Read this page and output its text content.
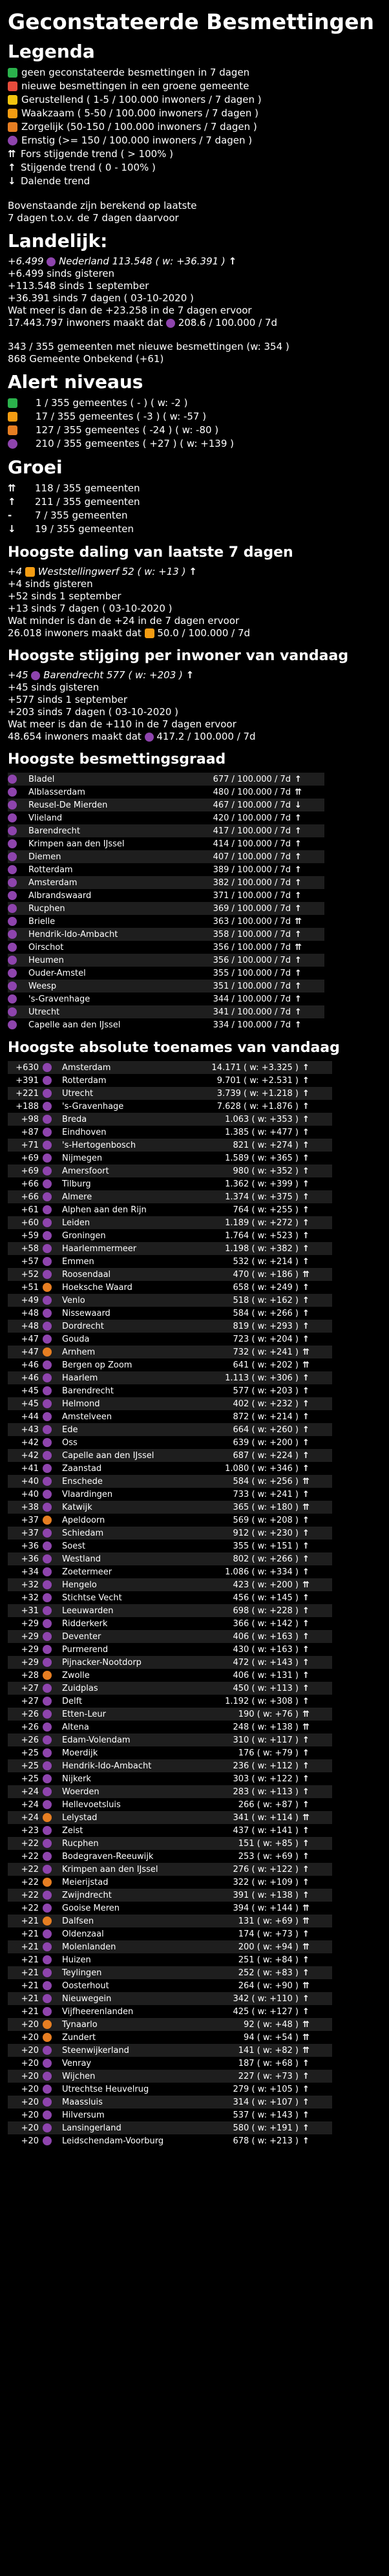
Geconstateerde Besmettingen
Legenda
geen geconstateerde besmettingen in 7 dagen
nieuwe besmettingen in een groene gemeente
Gerustellend ( 1-5 / 100.000 inwoners / 7 dagen )
Waakzaam ( 5-50 / 100.000 inwoners / 7 dagen )
Zorgelijk (50-150 / 100.000 inwoners / 7 dagen )
Ernstig (>= 150 / 100.000 inwoners / 7 dagen )
⇈ Fors stijgende trend ( > 100% )
↑ Stijgende trend ( 0 - 100% )
↓ Dalende trend
Bovenstaande zijn berekend op laatste
7 dagen t.o.v. de 7 dagen daarvoor
Landelijk:
+6.499 Nederland 113.548 ( w: +36.391 ) ↑
+6.499 sinds gisteren
+113.548 sinds 1 september
+36.391 sinds 7 dagen ( 03-10-2020 )
Wat meer is dan de +23.258 in de 7 dagen ervoor
17.443.797 inwoners maakt dat 208.6 / 100.000 / 7d
343 / 355 gemeenten met nieuwe besmettingen (w: 354 )
868 Gemeente Onbekend (+61)
Alert niveaus
1 / 355 gemeentes ( - ) ( w: -2 )
17 / 355 gemeentes ( -3 ) ( w: -57 )
127 / 355 gemeentes ( -24 ) ( w: -80 )
210 / 355 gemeentes ( +27 ) ( w: +139 )
Groei
⇈	118 / 355 gemeenten
↑	211 / 355 gemeenten
-	7 / 355 gemeenten
↓	19 / 355 gemeenten
Hoogste daling van laatste 7 dagen
+4 Weststellingwerf 52 ( w: +13 ) ↑
+4 sinds gisteren
+52 sinds 1 september
+13 sinds 7 dagen ( 03-10-2020 )
Wat minder is dan de +24 in de 7 dagen ervoor
26.018 inwoners maakt dat 50.0 / 100.000 / 7d
Hoogste stijging per inwoner van vandaag
+45 Barendrecht 577 ( w: +203 ) ↑
+45 sinds gisteren
+577 sinds 1 september
+203 sinds 7 dagen ( 03-10-2020 )
Wat meer is dan de +110 in de 7 dagen ervoor
48.654 inwoners maakt dat 417.2 / 100.000 / 7d
Hoogste besmettingsgraad
	Bladel	677 / 100.000 / 7d	↑
	Alblasserdam	480 / 100.000 / 7d	⇈
	Reusel-De Mierden	467 / 100.000 / 7d	↓
	Vlieland	420 / 100.000 / 7d	↑
	Barendrecht	417 / 100.000 / 7d	↑
	Krimpen aan den IJssel	414 / 100.000 / 7d	↑
	Diemen	407 / 100.000 / 7d	↑
	Rotterdam	389 / 100.000 / 7d	↑
	Amsterdam	382 / 100.000 / 7d	↑
	Albrandswaard	371 / 100.000 / 7d	↑
	Rucphen	369 / 100.000 / 7d	↑
	Brielle	363 / 100.000 / 7d	⇈
	Hendrik-Ido-Ambacht	358 / 100.000 / 7d	↑
	Oirschot	356 / 100.000 / 7d	⇈
	Heumen	356 / 100.000 / 7d	↑
	Ouder-Amstel	355 / 100.000 / 7d	↑
	Weesp	351 / 100.000 / 7d	↑
	's-Gravenhage	344 / 100.000 / 7d	↑
	Utrecht	341 / 100.000 / 7d	↑
	Capelle aan den IJssel	334 / 100.000 / 7d	↑
Hoogste absolute toenames van vandaag
+630		Amsterdam	14.171 ( w: +3.325 )	↑
+391		Rotterdam	9.701 ( w: +2.531 )	↑
+221		Utrecht	3.739 ( w: +1.218 )	↑
+188		's-Gravenhage	7.628 ( w: +1.876 )	↑
+98		Breda	1.063 ( w: +353 )	↑
+87		Eindhoven	1.385 ( w: +477 )	↑
+71		's-Hertogenbosch	821 ( w: +274 )	↑
+69		Nijmegen	1.589 ( w: +365 )	↑
+69		Amersfoort	980 ( w: +352 )	↑
+66		Tilburg	1.362 ( w: +399 )	↑
+66		Almere	1.374 ( w: +375 )	↑
+61		Alphen aan den Rijn	764 ( w: +255 )	↑
+60		Leiden	1.189 ( w: +272 )	↑
+59		Groningen	1.764 ( w: +523 )	↑
+58		Haarlemmermeer	1.198 ( w: +382 )	↑
+57		Emmen	532 ( w: +214 )	↑
+52		Roosendaal	470 ( w: +186 )	⇈
+51		Hoeksche Waard	658 ( w: +249 )	↑
+49		Venlo	518 ( w: +162 )	↑
+48		Nissewaard	584 ( w: +266 )	↑
+48		Dordrecht	819 ( w: +293 )	↑
+47		Gouda	723 ( w: +204 )	↑
+47		Arnhem	732 ( w: +241 )	⇈
+46		Bergen op Zoom	641 ( w: +202 )	⇈
+46		Haarlem	1.113 ( w: +306 )	↑
+45		Barendrecht	577 ( w: +203 )	↑
+45		Helmond	402 ( w: +232 )	↑
+44		Amstelveen	872 ( w: +214 )	↑
+43		Ede	664 ( w: +260 )	↑
+42		Oss	639 ( w: +200 )	↑
+42		Capelle aan den IJssel	687 ( w: +224 )	↑
+41		Zaanstad	1.080 ( w: +346 )	↑
+40		Enschede	584 ( w: +256 )	⇈
+40		Vlaardingen	733 ( w: +241 )	↑
+38		Katwijk	365 ( w: +180 )	⇈
+37		Apeldoorn	569 ( w: +208 )	↑
+37		Schiedam	912 ( w: +230 )	↑
+36		Soest	355 ( w: +151 )	↑
+36		Westland	802 ( w: +266 )	↑
+34		Zoetermeer	1.086 ( w: +334 )	↑
+32		Hengelo	423 ( w: +200 )	⇈
+32		Stichtse Vecht	456 ( w: +145 )	↑
+31		Leeuwarden	698 ( w: +228 )	↑
+29		Ridderkerk	366 ( w: +142 )	↑
+29		Deventer	406 ( w: +163 )	↑
+29		Purmerend	430 ( w: +163 )	↑
+29		Pijnacker-Nootdorp	472 ( w: +143 )	↑
+28		Zwolle	406 ( w: +131 )	↑
+27		Zuidplas	450 ( w: +113 )	↑
+27		Delft	1.192 ( w: +308 )	↑
+26		Etten-Leur	190 ( w: +76 )	⇈
+26		Altena	248 ( w: +138 )	⇈
+26		Edam-Volendam	310 ( w: +117 )	↑
+25		Moerdijk	176 ( w: +79 )	↑
+25		Hendrik-Ido-Ambacht	236 ( w: +112 )	↑
+25		Nijkerk	303 ( w: +122 )	↑
+24		Woerden	283 ( w: +113 )	↑
+24		Hellevoetsluis	266 ( w: +87 )	↑
+24		Lelystad	341 ( w: +114 )	⇈
+23		Zeist	437 ( w: +141 )	↑
+22		Rucphen	151 ( w: +85 )	↑
+22		Bodegraven-Reeuwijk	253 ( w: +69 )	↑
+22		Krimpen aan den IJssel	276 ( w: +122 )	↑
+22		Meierijstad	322 ( w: +109 )	↑
+22		Zwijndrecht	391 ( w: +138 )	↑
+22		Gooise Meren	394 ( w: +144 )	⇈
+21		Dalfsen	131 ( w: +69 )	⇈
+21		Oldenzaal	174 ( w: +73 )	↑
+21		Molenlanden	200 ( w: +94 )	⇈
+21		Huizen	251 ( w: +84 )	↑
+21		Teylingen	252 ( w: +83 )	↑
+21		Oosterhout	264 ( w: +90 )	⇈
+21		Nieuwegein	342 ( w: +110 )	↑
+21		Vijfheerenlanden	425 ( w: +127 )	↑
+20		Tynaarlo	92 ( w: +48 )	⇈
+20		Zundert	94 ( w: +54 )	⇈
+20		Steenwijkerland	141 ( w: +82 )	⇈
+20		Venray	187 ( w: +68 )	↑
+20		Wijchen	227 ( w: +73 )	↑
+20		Utrechtse Heuvelrug	279 ( w: +105 )	↑
+20		Maassluis	314 ( w: +107 )	↑
+20		Hilversum	537 ( w: +143 )	↑
+20		Lansingerland	580 ( w: +191 )	↑
+20		Leidschendam-Voorburg	678 ( w: +213 )	↑
